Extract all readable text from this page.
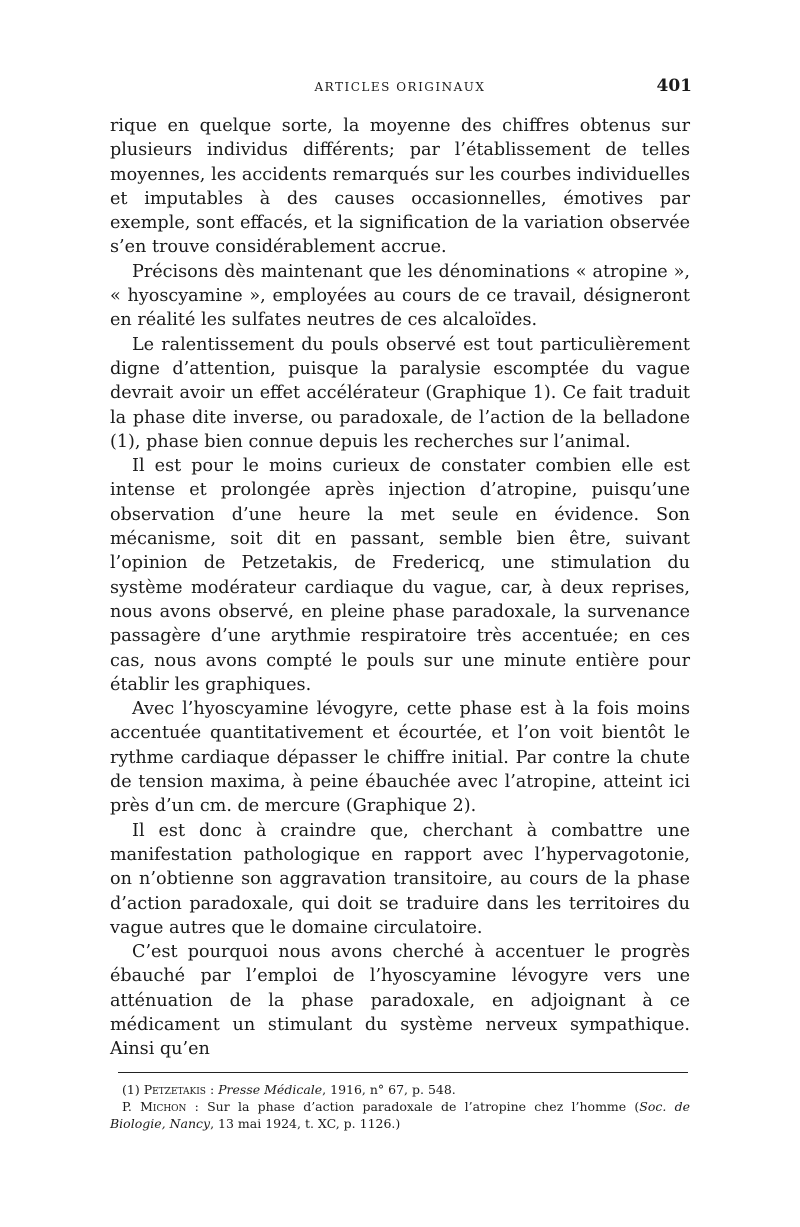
ARTICLES ORIGINAUX	401

rique en quelque sorte, la moyenne des chiffres obtenus sur plusieurs individus différents; par l’établissement de telles moyennes, les accidents remarqués sur les courbes individuelles et imputables à des causes occasionnelles, émotives par exemple, sont effacés, et la signification de la variation observée s’en trouve considérablement accrue.

Précisons dès maintenant que les dénominations « atropine », « hyoscyamine », employées au cours de ce travail, désigneront en réalité les sulfates neutres de ces alcaloïdes.

Le ralentissement du pouls observé est tout particulièrement digne d’attention, puisque la paralysie escomptée du vague devrait avoir un effet accélérateur (Graphique 1). Ce fait traduit la phase dite inverse, ou paradoxale, de l’action de la belladone (1), phase bien connue depuis les recherches sur l’animal.

Il est pour le moins curieux de constater combien elle est intense et prolongée après injection d’atropine, puisqu’une observation d’une heure la met seule en évidence. Son mécanisme, soit dit en passant, semble bien être, suivant l’opinion de Petzetakis, de Fredericq, une stimulation du système modérateur cardiaque du vague, car, à deux reprises, nous avons observé, en pleine phase paradoxale, la survenance passagère d’une arythmie respiratoire très accentuée; en ces cas, nous avons compté le pouls sur une minute entière pour établir les graphiques.

Avec l’hyoscyamine lévogyre, cette phase est à la fois moins accentuée quantitativement et écourtée, et l’on voit bientôt le rythme cardiaque dépasser le chiffre initial. Par contre la chute de tension maxima, à peine ébauchée avec l’atropine, atteint ici près d’un cm. de mercure (Graphique 2).

Il est donc à craindre que, cherchant à combattre une manifestation pathologique en rapport avec l’hypervagotonie, on n’obtienne son aggravation transitoire, au cours de la phase d’action paradoxale, qui doit se traduire dans les territoires du vague autres que le domaine circulatoire.

C’est pourquoi nous avons cherché à accentuer le progrès ébauché par l’emploi de l’hyoscyamine lévogyre vers une atténuation de la phase paradoxale, en adjoignant à ce médicament un stimulant du système nerveux sympathique. Ainsi qu’en

(1) Petzetakis : Presse Médicale, 1916, n° 67, p. 548.

P. Michon : Sur la phase d’action paradoxale de l’atropine chez l’homme (Soc. de Biologie, Nancy, 13 mai 1924, t. XC, p. 1126.)
